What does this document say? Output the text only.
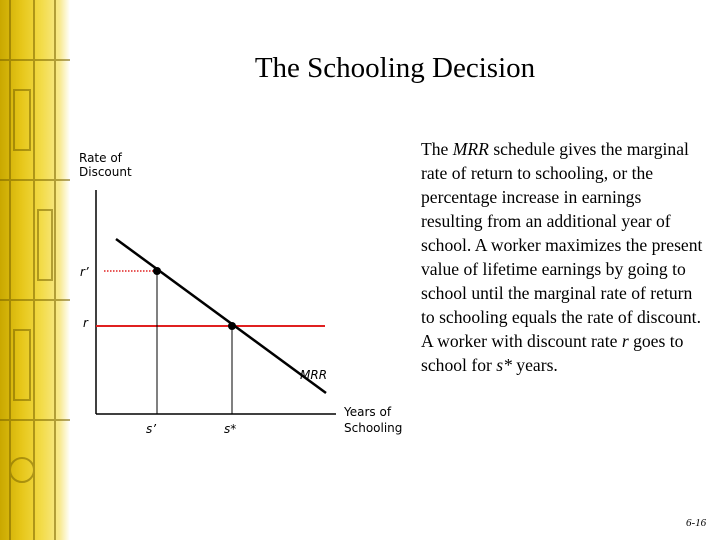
The Schooling Decision
Rate of
Discount
Years of
Schooling
r’
r
MRR
s’	s*
The MRR schedule gives the marginal rate of return to schooling, or the percentage increase in earnings resulting from an additional year of school. A worker maximizes the present value of lifetime earnings by going to school until the marginal rate of return to schooling equals the rate of discount. A worker with discount rate r goes to school for s* years.
6-16
